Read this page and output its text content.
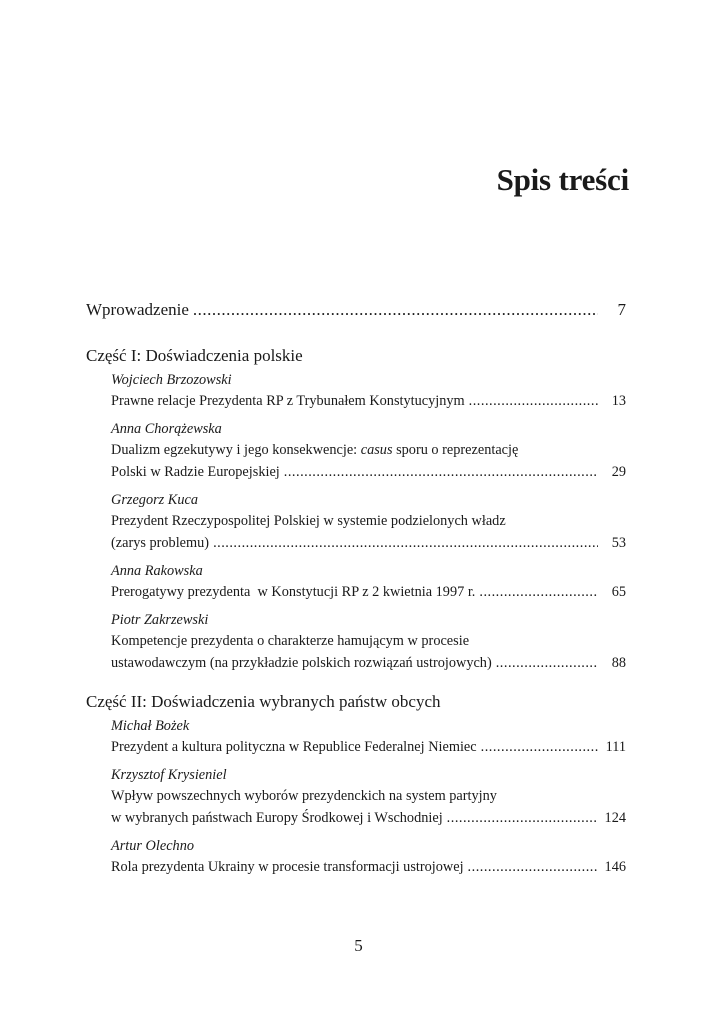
Spis treści
Wprowadzenie .....	7
Część I: Doświadczenia polskie
Wojciech Brzozowski
Prawne relacje Prezydenta RP z Trybunałem Konstytucyjnym .....	13
Anna Chorążewska
Dualizm egzekutywy i jego konsekwencje: casus sporu o reprezentację
Polski w Radzie Europejskiej .....	29
Grzegorz Kuca
Prezydent Rzeczypospolitej Polskiej w systemie podzielonych władz
(zarys problemu) .....	53
Anna Rakowska
Prerogatywy prezydenta  w Konstytucji RP z 2 kwietnia 1997 r. .....	65
Piotr Zakrzewski
Kompetencje prezydenta o charakterze hamującym w procesie
ustawodawczym (na przykładzie polskich rozwiązań ustrojowych) .....	88
Część II: Doświadczenia wybranych państw obcych
Michał Bożek
Prezydent a kultura polityczna w Republice Federalnej Niemiec .....	111
Krzysztof Krysieniel
Wpływ powszechnych wyborów prezydenckich na system partyjny
w wybranych państwach Europy Środkowej i Wschodniej .....	124
Artur Olechno
Rola prezydenta Ukrainy w procesie transformacji ustrojowej .....	146
5
